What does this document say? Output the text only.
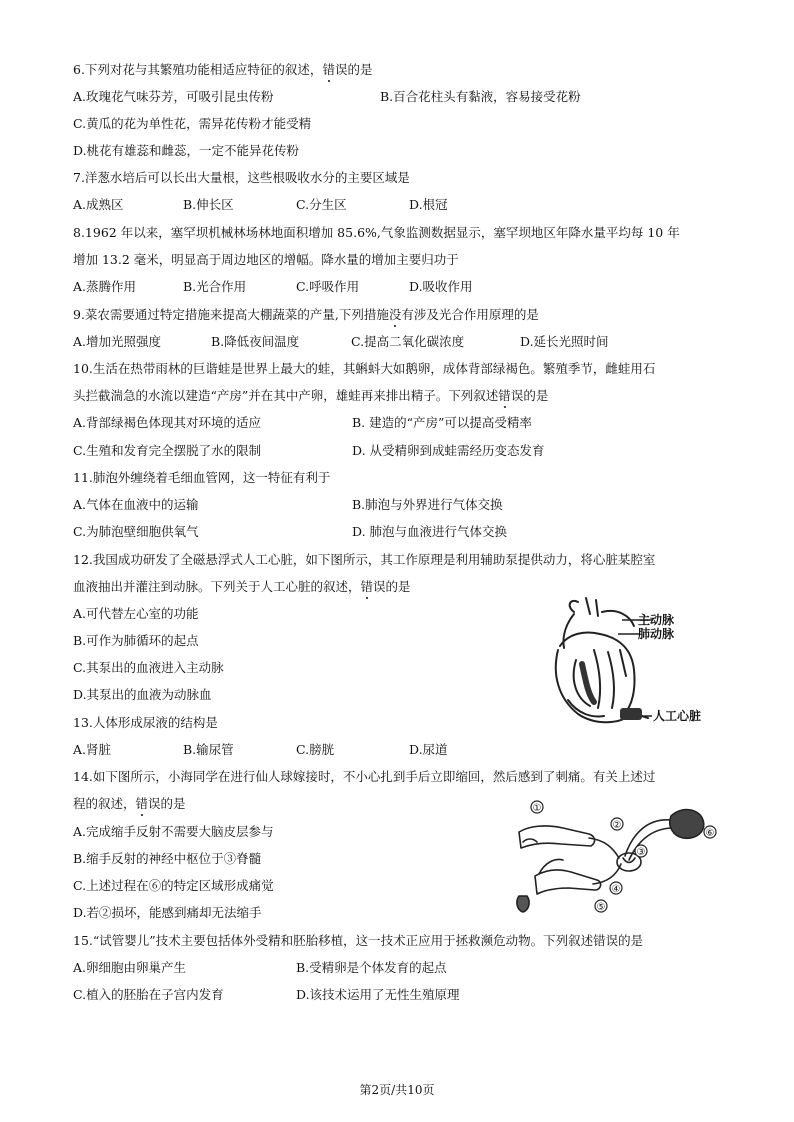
6.下列对花与其繁殖功能相适应特征的叙述，错误的是
A.玫瑰花气味芬芳，可吸引昆虫传粉	B.百合花柱头有黏液，容易接受花粉
C.黄瓜的花为单性花，需异花传粉才能受精
D.桃花有雄蕊和雌蕊，一定不能异花传粉
7.洋葱水培后可以长出大量根，这些根吸收水分的主要区域是
A.成熟区	B.伸长区	C.分生区	D.根冠
8.1962 年以来，塞罕坝机械林场林地面积增加 85.6%,气象监测数据显示，塞罕坝地区年降水量平均每 10 年
增加 13.2 毫米，明显高于周边地区的增幅。降水量的增加主要归功于
A.蒸腾作用	B.光合作用	C.呼吸作用	D.吸收作用
9.菜农需要通过特定措施来提高大棚蔬菜的产量,下列措施没有涉及光合作用原理的是
A.增加光照强度	B.降低夜间温度	C.提高二氧化碳浓度	D.延长光照时间
10.生活在热带雨林的巨谐蛙是世界上最大的蛙，其蝌蚪大如鹅卵，成体背部绿褐色。繁殖季节，雌蛙用石
头拦截湍急的水流以建造“产房”并在其中产卵，雄蛙再来排出精子。下列叙述错误的是
A.背部绿褐色体现其对环境的适应	B. 建造的“产房”可以提高受精率
C.生殖和发育完全摆脱了水的限制	D. 从受精卵到成蛙需经历变态发育
11.肺泡外缠绕着毛细血管网，这一特征有利于
A.气体在血液中的运输	B.肺泡与外界进行气体交换
C.为肺泡壁细胞供氧气	D. 肺泡与血液进行气体交换
12.我国成功研发了全磁悬浮式人工心脏，如下图所示，其工作原理是利用辅助泵提供动力，将心脏某腔室
血液抽出并灌注到动脉。下列关于人工心脏的叙述，错误的是
A.可代替左心室的功能
B.可作为肺循环的起点
C.其泵出的血液进入主动脉
D.其泵出的血液为动脉血
主动脉
肺动脉
人工心脏
13.人体形成尿液的结构是
A.肾脏	B.输尿管	C.膀胱	D.尿道
14.如下图所示，小海同学在进行仙人球嫁接时，不小心扎到手后立即缩回，然后感到了刺痛。有关上述过
程的叙述，错误的是
A.完成缩手反射不需要大脑皮层参与
B.缩手反射的神经中枢位于③脊髓
C.上述过程在⑥的特定区域形成痛觉
D.若②损坏，能感到痛却无法缩手
①
②
③
④
⑤
⑥
15.“试管婴儿”技术主要包括体外受精和胚胎移植，这一技术正应用于拯救濒危动物。下列叙述错误的是
A.卵细胞由卵巢产生	B.受精卵是个体发育的起点
C.植入的胚胎在子宫内发育	D.该技术运用了无性生殖原理
第2页/共10页
